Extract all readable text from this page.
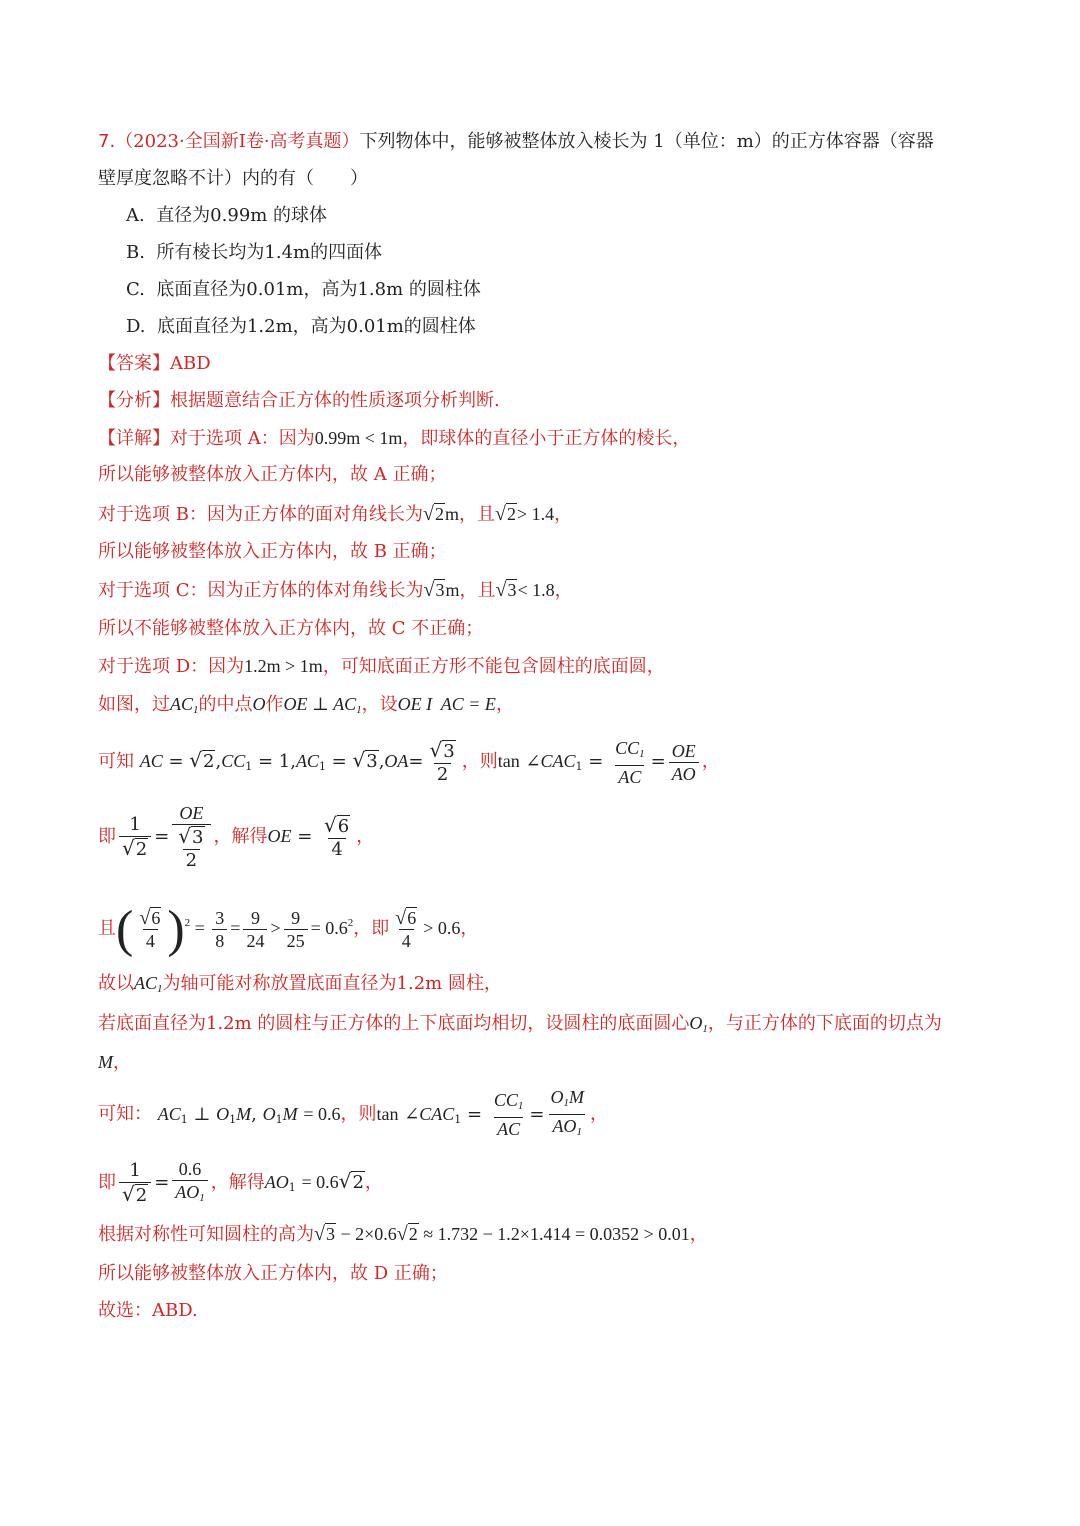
7.（2023·全国新Ⅰ卷·高考真题）下列物体中，能够被整体放入棱长为 1（单位：m）的正方体容器（容器
壁厚度忽略不计）内的有（　　）
A. 直径为0.99m 的球体
B. 所有棱长均为1.4m的四面体
C. 底面直径为0.01m，高为1.8m 的圆柱体
D. 底面直径为1.2m，高为0.01m的圆柱体
【答案】ABD
【分析】根据题意结合正方体的性质逐项分析判断.
【详解】对于选项 A：因为0.99m < 1m，即球体的直径小于正方体的棱长，
所以能够被整体放入正方体内，故 A 正确；
对于选项 B：因为正方体的面对角线长为√2m，且√2> 1.4，
所以能够被整体放入正方体内，故 B 正确；
对于选项 C：因为正方体的体对角线长为√3m，且√3< 1.8，
所以不能够被整体放入正方体内，故 C 不正确；
对于选项 D：因为1.2m > 1m，可知底面正方形不能包含圆柱的底面圆，
如图，过$AC_1$的中点O作OE ⊥ $AC_1$，设OE I  AC = E，
可知 AC = $√2,CC_1 = 1,AC_1 = √3,OA= \frac{√3}{2}$ ，则$\tan \angle CAC_1 = \frac{CC_1}{AC} = \frac{OE}{AO}$ ，
即 $\frac{1}{√2} = \frac{OE}{\frac{√3}{2}}$ ，解得OE = $\frac{√6}{4}$ ，
且( $\frac{√6}{4} )^2 = \frac{3}{8} = \frac{9}{24} > \frac{9}{25} = 0.6^2$，即 $\frac{√6}{4} > 0.6$，
故以$AC_1$为轴可能对称放置底面直径为1.2m 圆柱，
若底面直径为1.2m 的圆柱与正方体的上下底面均相切，设圆柱的底面圆心$O_1$，与正方体的下底面的切点为
M，
可知： $AC_1$ ⊥ $O_1M$, $O_1M = 0.6$，则$\tan \angle CAC_1 = \frac{CC_1}{AC} = \frac{O_1M}{AO_1}$ ，
即 $\frac{1}{√2} = \frac{0.6}{AO_1}$ ，解得$AO_1 = 0.6√2$，
根据对称性可知圆柱的高为√3 − 2×0.6√2 ≈ 1.732 − 1.2×1.414 = 0.0352 > 0.01，
所以能够被整体放入正方体内，故 D 正确；
故选：ABD.
